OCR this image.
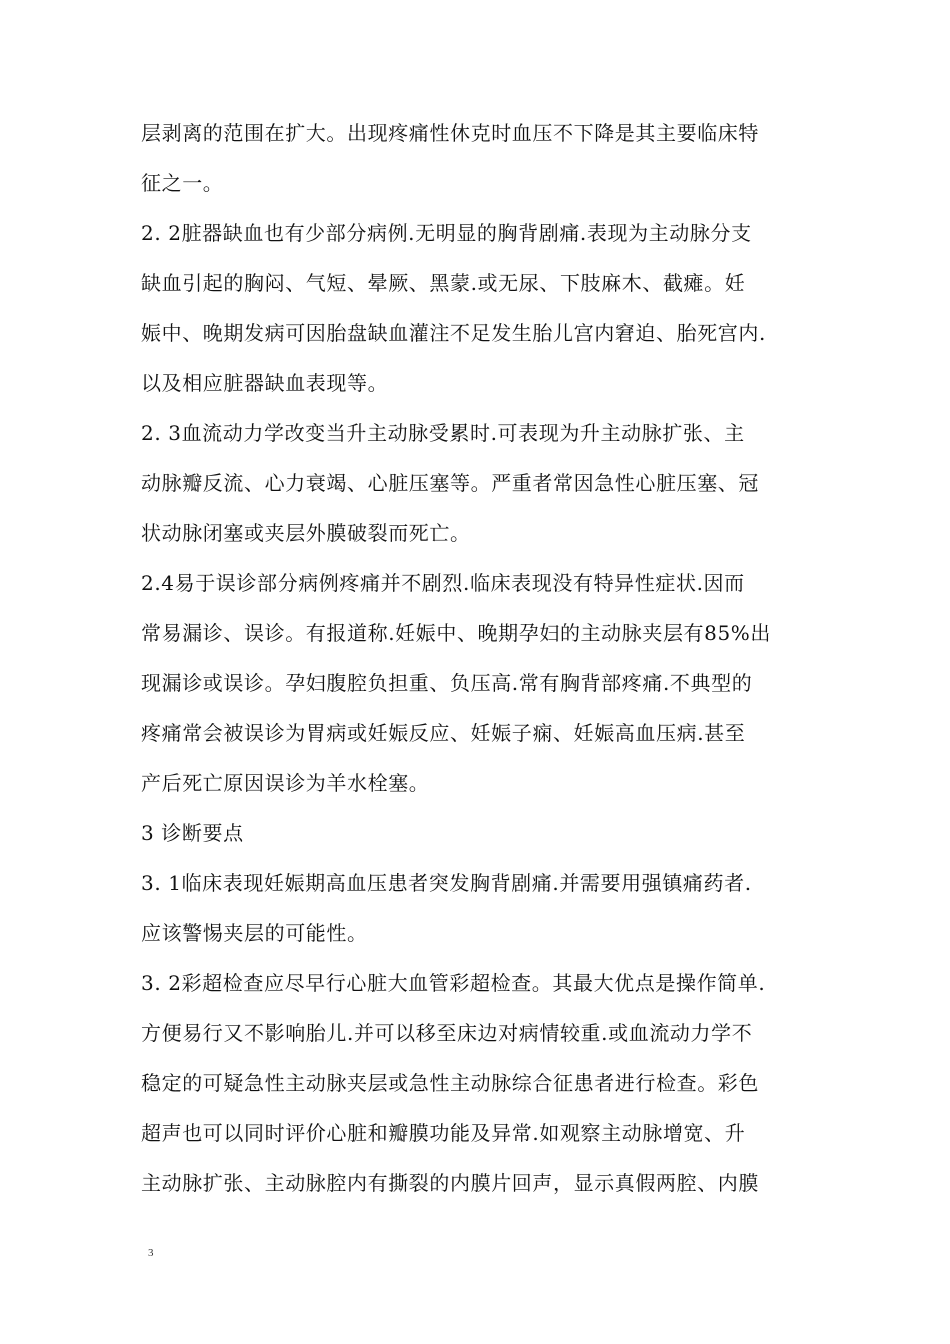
层剥离的范围在扩大。出现疼痛性休克时血压不下降是其主要临床特
征之一。
2. 2脏器缺血也有少部分病例.无明显的胸背剧痛.表现为主动脉分支
缺血引起的胸闷、气短、晕厥、黑蒙.或无尿、下肢麻木、截瘫。妊
娠中、晚期发病可因胎盘缺血灌注不足发生胎儿宫内窘迫、胎死宫内.
以及相应脏器缺血表现等。
2. 3血流动力学改变当升主动脉受累时.可表现为升主动脉扩张、主
动脉瓣反流、心力衰竭、心脏压塞等。严重者常因急性心脏压塞、冠
状动脉闭塞或夹层外膜破裂而死亡。
2.4易于误诊部分病例疼痛并不剧烈.临床表现没有特异性症状.因而
常易漏诊、误诊。有报道称.妊娠中、晚期孕妇的主动脉夹层有85%出
现漏诊或误诊。孕妇腹腔负担重、负压高.常有胸背部疼痛.不典型的
疼痛常会被误诊为胃病或妊娠反应、妊娠子痫、妊娠高血压病.甚至
产后死亡原因误诊为羊水栓塞。
3 诊断要点
3. 1临床表现妊娠期高血压患者突发胸背剧痛.并需要用强镇痛药者.
应该警惕夹层的可能性。
3. 2彩超检查应尽早行心脏大血管彩超检查。其最大优点是操作简单.
方便易行又不影响胎儿.并可以移至床边对病情较重.或血流动力学不
稳定的可疑急性主动脉夹层或急性主动脉综合征患者进行检查。彩色
超声也可以同时评价心脏和瓣膜功能及异常.如观察主动脉增宽、升
主动脉扩张、主动脉腔内有撕裂的内膜片回声，显示真假两腔、内膜
3
